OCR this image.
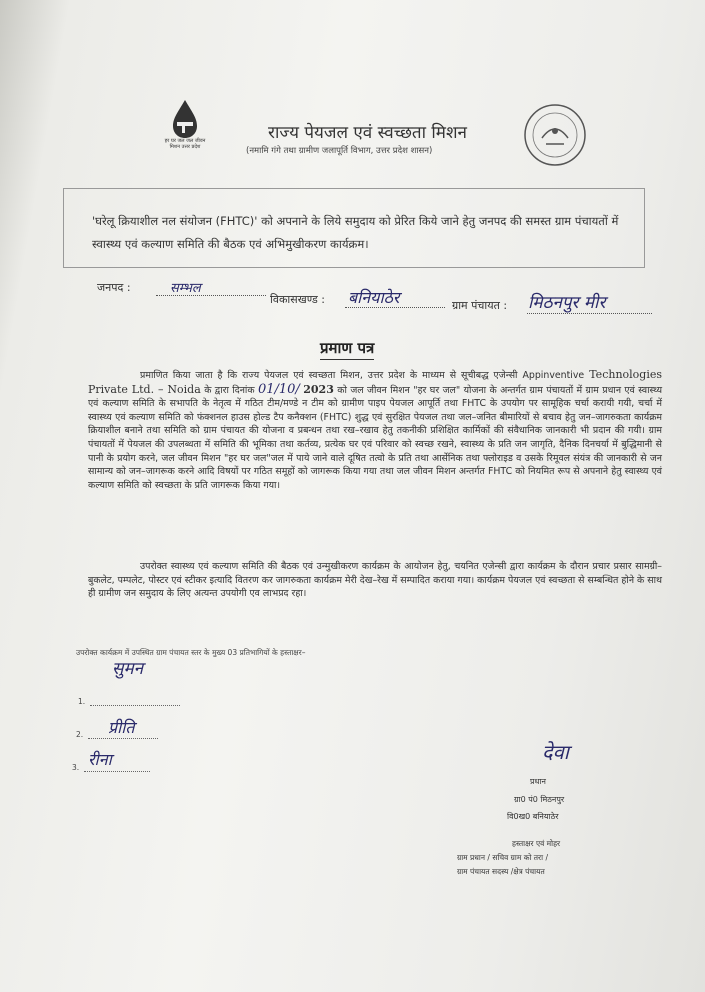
हर घर जल जल जीवन मिशन उत्तर प्रदेश
राज्य पेयजल एवं स्वच्छता मिशन
(नमामि गंगे तथा ग्रामीण जलापूर्ति विभाग, उत्तर प्रदेश शासन)
'घरेलू क्रियाशील नल संयोजन (FHTC)' को अपनाने के लिये समुदाय को प्रेरित किये जाने हेतु जनपद की समस्त ग्राम पंचायतों में स्वास्थ्य एवं कल्याण समिति की बैठक एवं अभिमुखीकरण कार्यक्रम।
जनपद :	सम्भल
विकासखण्ड : बनियाठेर	ग्राम पंचायत : मिठनपुर मीर
प्रमाण पत्र
प्रमाणित किया जाता है कि राज्य पेयजल एवं स्वच्छता मिशन, उत्तर प्रदेश के माध्यम से सूचीबद्ध एजेन्सी Appinventive Technologies Private Ltd. – Noida के द्वारा दिनांक 01/10/ 2023 को जल जीवन मिशन "हर घर जल" योजना के अन्तर्गत ग्राम पंचायतों में ग्राम प्रधान एवं स्वास्थ्य एवं कल्याण समिति के सभापति के नेतृत्व में गठित टीम/मण्डे न टीम को ग्रामीण पाइप पेयजल आपूर्ति तथा FHTC के उपयोग पर सामूहिक चर्चा करायी गयी, चर्चा में स्वास्थ्य एवं कल्याण समिति को फंक्शनल हाउस होल्ड टैप कनैक्शन (FHTC) शुद्ध एवं सुरक्षित पेयजल तथा जल–जनित बीमारियों से बचाव हेतु जन–जागरुकता कार्यक्रम क्रियाशील बनाने तथा समिति को ग्राम पंचायत की योजना व प्रबन्धन तथा रख–रखाव हेतु तकनीकी प्रशिक्षित कार्मिकों की संवैधानिक जानकारी भी प्रदान की गयी। ग्राम पंचायतों में पेयजल की उपलब्धता में समिति की भूमिका तथा कर्तव्य, प्रत्येक घर एवं परिवार को स्वच्छ रखने, स्वास्थ्य के प्रति जन जागृति, दैनिक दिनचर्या में बुद्धिमानी से पानी के प्रयोग करने, जल जीवन मिशन "हर घर जल"जल में पाये जाने वाले दूषित तत्वो के प्रति तथा आर्सेनिक तथा फ्लोराइड व उसके रिमूवल संयंत्र की जानकारी से जन सामान्य को जन–जागरूक करने आदि विषयों पर गठित समूहों को जागरूक किया गया तथा जल जीवन मिशन अन्तर्गत FHTC को नियमित रूप से अपनाने हेतु स्वास्थ्य एवं कल्याण समिति को स्वच्छता के प्रति जागरूक किया गया।
उपरोक्त स्वास्थ्य एवं कल्याण समिति की बैठक एवं उन्मुखीकरण कार्यक्रम के आयोजन हेतु, चयनित एजेन्सी द्वारा कार्यक्रम के दौरान प्रचार प्रसार सामग्री–बुकलेट, पम्पलेट, पोस्टर एवं स्टीकर इत्यादि वितरण कर जागरुकता कार्यक्रम मेरी देख–रेख में सम्पादित कराया गया। कार्यक्रम पेयजल एवं स्वच्छता से सम्बन्धित होने के साथ ही ग्रामीण जन समुदाय के लिए अत्यन्त उपयोगी एव लाभप्रद रहा।
उपरोक्त कार्यक्रम में उपस्थित ग्राम पंचायत स्तर के मुख्य 03 प्रतिभागियों के हस्ताक्षर–
1.
सुमन
2. प्रीति
3. रीना	देवा
प्रधान
ग्रा0 पं0 मिठनपुर
वि0ख0 बनियाठेर
हस्ताक्षर एवं मोहर
ग्राम प्रधान / सचिव ग्राम को तरा /
ग्राम पंचायत सदस्य /क्षेत्र पंचायत
